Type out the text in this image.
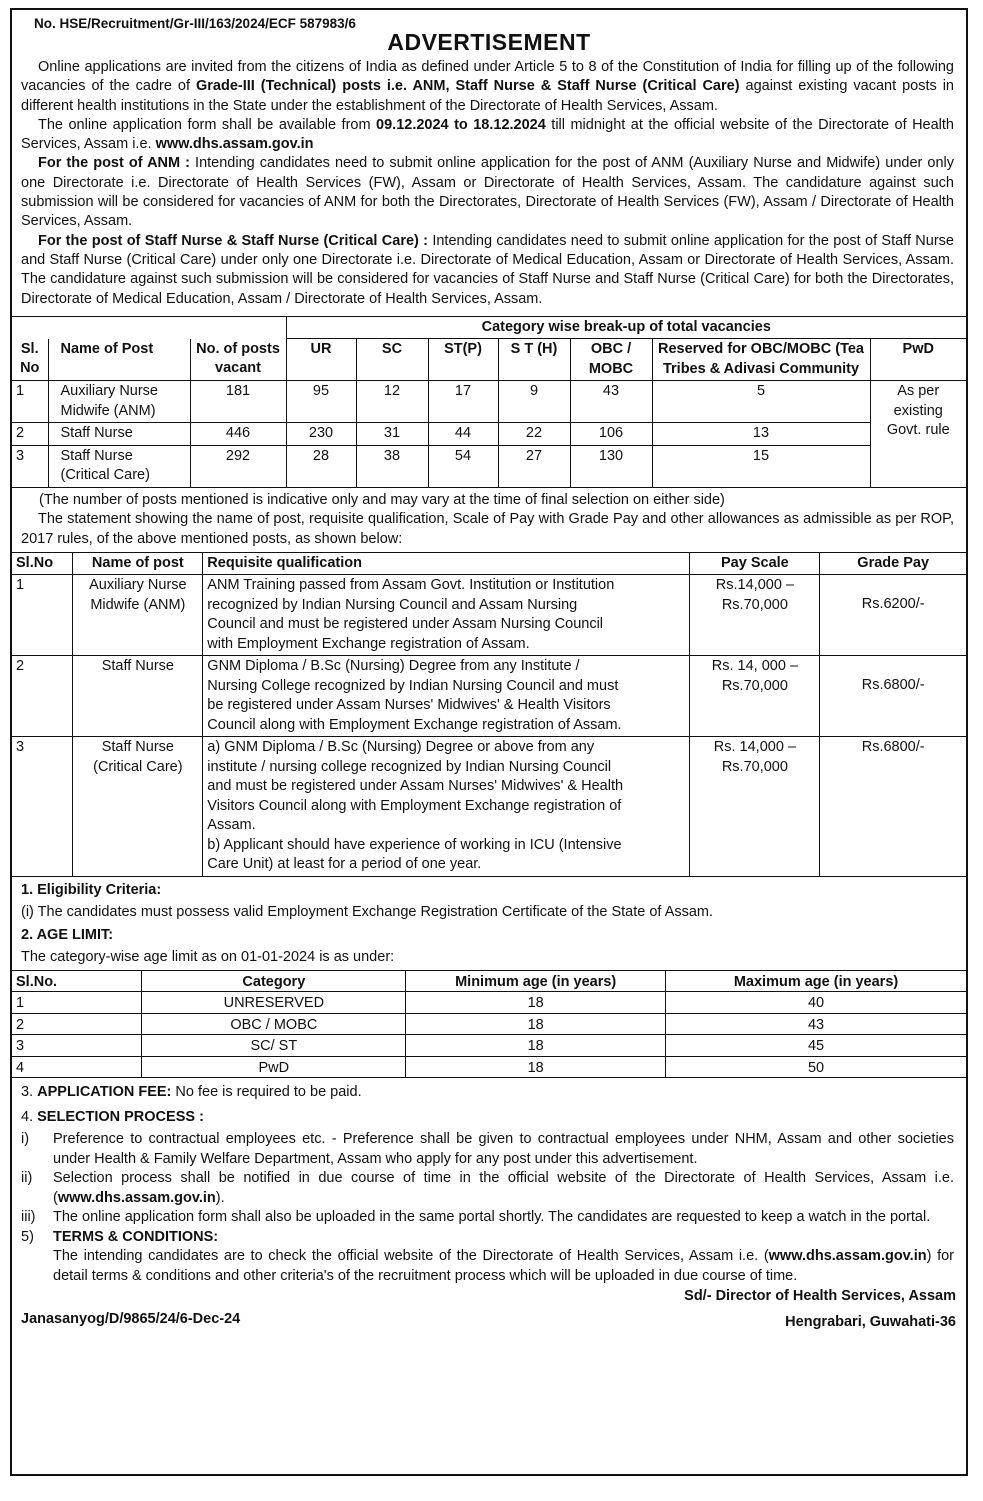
No. HSE/Recruitment/Gr-III/163/2024/ECF 587983/6
ADVERTISEMENT

Online applications are invited from the citizens of India as defined under Article 5 to 8 of the Constitution of India for filling up of the following vacancies of the cadre of Grade-III (Technical) posts i.e. ANM, Staff Nurse & Staff Nurse (Critical Care) against existing vacant posts in different health institutions in the State under the establishment of the Directorate of Health Services, Assam.

The online application form shall be available from 09.12.2024 to 18.12.2024 till midnight at the official website of the Directorate of Health Services, Assam i.e. www.dhs.assam.gov.in

For the post of ANM : Intending candidates need to submit online application for the post of ANM (Auxiliary Nurse and Midwife) under only one Directorate i.e. Directorate of Health Services (FW), Assam or Directorate of Health Services, Assam. The candidature against such submission will be considered for vacancies of ANM for both the Directorates, Directorate of Health Services (FW), Assam / Directorate of Health Services, Assam.

For the post of Staff Nurse & Staff Nurse (Critical Care) : Intending candidates need to submit online application for the post of Staff Nurse and Staff Nurse (Critical Care) under only one Directorate i.e. Directorate of Medical Education, Assam or Directorate of Health Services, Assam. The candidature against such submission will be considered for vacancies of Staff Nurse and Staff Nurse (Critical Care) for both the Directorates, Directorate of Medical Education, Assam / Directorate of Health Services, Assam.

			Category wise break-up of total vacancies						
Sl. No	Name of Post	No. of posts vacant	UR	SC	ST(P)	S T (H)	OBC / MOBC	Reserved for OBC/MOBC (Tea Tribes & Adivasi Community	PwD
1	Auxiliary Nurse Midwife (ANM)	181	95	12	17	9	43	5	As per existing Govt. rule
2	Staff Nurse	446	230	31	44	22	106	13	
3	Staff Nurse (Critical Care)	292	28	38	54	27	130	15	

(The number of posts mentioned is indicative only and may vary at the time of final selection on either side)

The statement showing the name of post, requisite qualification, Scale of Pay with Grade Pay and other allowances as admissible as per ROP, 2017 rules, of the above mentioned posts, as shown below:

Sl.No	Name of post	Requisite qualification	Pay Scale	Grade Pay
1	Auxiliary Nurse Midwife (ANM)	ANM Training passed from Assam Govt. Institution or Institution recognized by Indian Nursing Council and Assam Nursing Council and must be registered under Assam Nursing Council with Employment Exchange registration of Assam.	Rs.14,000 – Rs.70,000	Rs.6200/-
2	Staff Nurse	GNM Diploma / B.Sc (Nursing) Degree from any Institute / Nursing College recognized by Indian Nursing Council and must be registered under Assam Nurses' Midwives' & Health Visitors Council along with Employment Exchange registration of Assam.	Rs. 14, 000 – Rs.70,000	Rs.6800/-
3	Staff Nurse (Critical Care)	a) GNM Diploma / B.Sc (Nursing) Degree or above from any institute / nursing college recognized by Indian Nursing Council and must be registered under Assam Nurses' Midwives' & Health Visitors Council along with Employment Exchange registration of Assam.
b) Applicant should have experience of working in ICU (Intensive Care Unit) at least for a period of one year.	Rs. 14,000 – Rs.70,000	Rs.6800/-
1. Eligibility Criteria:
(i) The candidates must possess valid Employment Exchange Registration Certificate of the State of Assam.
2. AGE LIMIT:
The category-wise age limit as on 01-01-2024 is as under:
Sl.No.	Category	Minimum age (in years)	Maximum age (in years)
1	UNRESERVED	18	40
2	OBC / MOBC	18	43
3	SC/ ST	18	45
4	PwD	18	50
3. APPLICATION FEE: No fee is required to be paid.
4. SELECTION PROCESS :
i)	Preference to contractual employees etc. - Preference shall be given to contractual employees under NHM, Assam and other societies under Health & Family Welfare Department, Assam who apply for any post under this advertisement.
ii)	Selection process shall be notified in due course of time in the official website of the Directorate of Health Services, Assam i.e. (www.dhs.assam.gov.in).
iii)	The online application form shall also be uploaded in the same portal shortly. The candidates are requested to keep a watch in the portal.
5)	TERMS & CONDITIONS:
The intending candidates are to check the official website of the Directorate of Health Services, Assam i.e. (www.dhs.assam.gov.in) for detail terms & conditions and other criteria's of the recruitment process which will be uploaded in due course of time.
Sd/- Director of Health Services, Assam
Janasanyog/D/9865/24/6-Dec-24	Hengrabari, Guwahati-36
